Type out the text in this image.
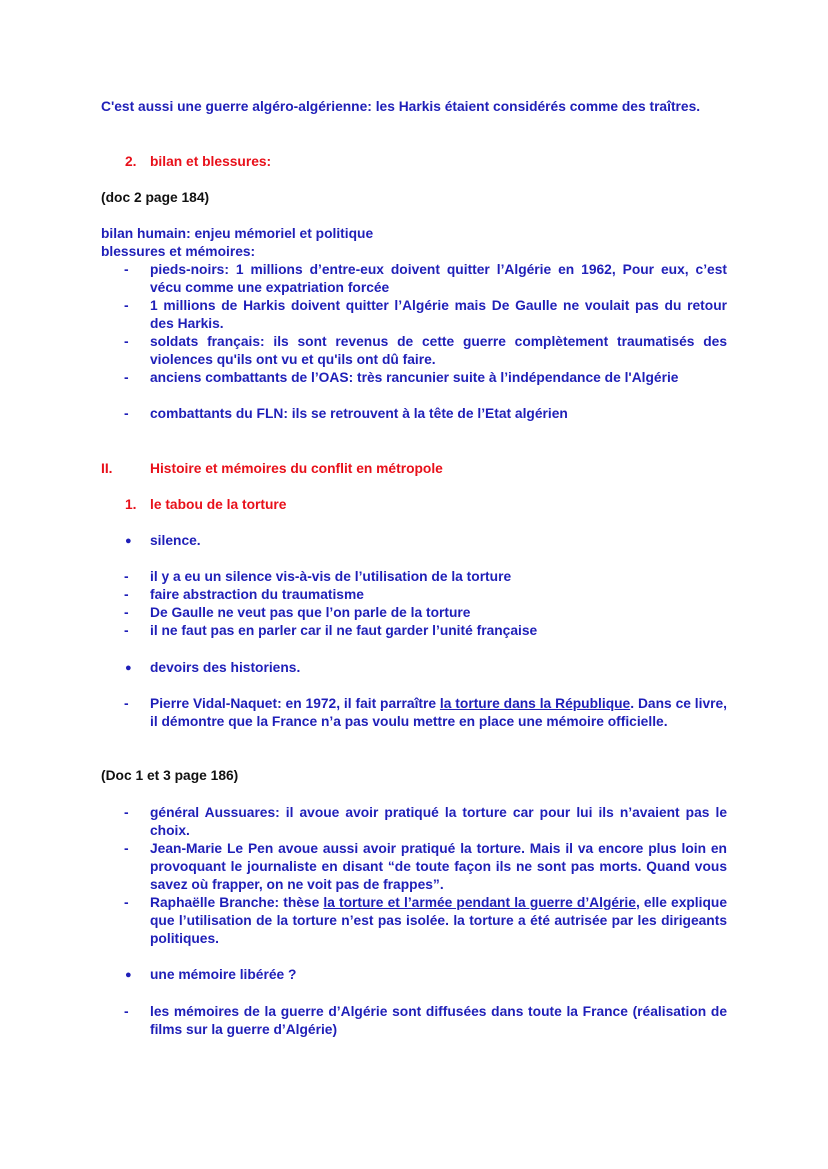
C'est aussi une guerre algéro-algérienne: les Harkis étaient considérés comme des traîtres.
2. bilan et blessures:
(doc 2 page 184)
bilan humain: enjeu mémoriel et politique
blessures et mémoires:
-	pieds-noirs: 1 millions d’entre-eux doivent quitter l’Algérie en 1962, Pour eux, c’est vécu comme une expatriation forcée
-	1 millions de Harkis doivent quitter l’Algérie mais De Gaulle ne voulait pas du retour des Harkis.
-	soldats français: ils sont revenus de cette guerre complètement traumatisés des violences qu'ils ont vu et qu'ils ont dû faire.
-	anciens combattants de l’OAS: très rancunier suite à l’indépendance de l'Algérie
-	combattants du FLN: ils se retrouvent à la tête de l’Etat algérien
II.	Histoire et mémoires du conflit en métropole
1. le tabou de la torture
● silence.
-	il y a eu un silence vis-à-vis de l’utilisation de la torture
-	faire abstraction du traumatisme
-	De Gaulle ne veut pas que l’on parle de la torture
-	il ne faut pas en parler car il ne faut garder l’unité française
● devoirs des historiens.
-	Pierre Vidal-Naquet: en 1972, il fait parraître la torture dans la République. Dans ce livre, il démontre que la France n’a pas voulu mettre en place une mémoire officielle.
(Doc 1 et 3 page 186)
-	général Aussuares: il avoue avoir pratiqué la torture car pour lui ils n’avaient pas le choix.
-	Jean-Marie Le Pen avoue aussi avoir pratiqué la torture. Mais il va encore plus loin en provoquant le journaliste en disant “de toute façon ils ne sont pas morts. Quand vous savez où frapper, on ne voit pas de frappes”.
-	Raphaëlle Branche: thèse la torture et l’armée pendant la guerre d’Algérie, elle explique que l’utilisation de la torture n’est pas isolée. la torture a été autrisée par les dirigeants politiques.
● une mémoire libérée ?
-	les mémoires de la guerre d’Algérie sont diffusées dans toute la France (réalisation de films sur la guerre d’Algérie)
